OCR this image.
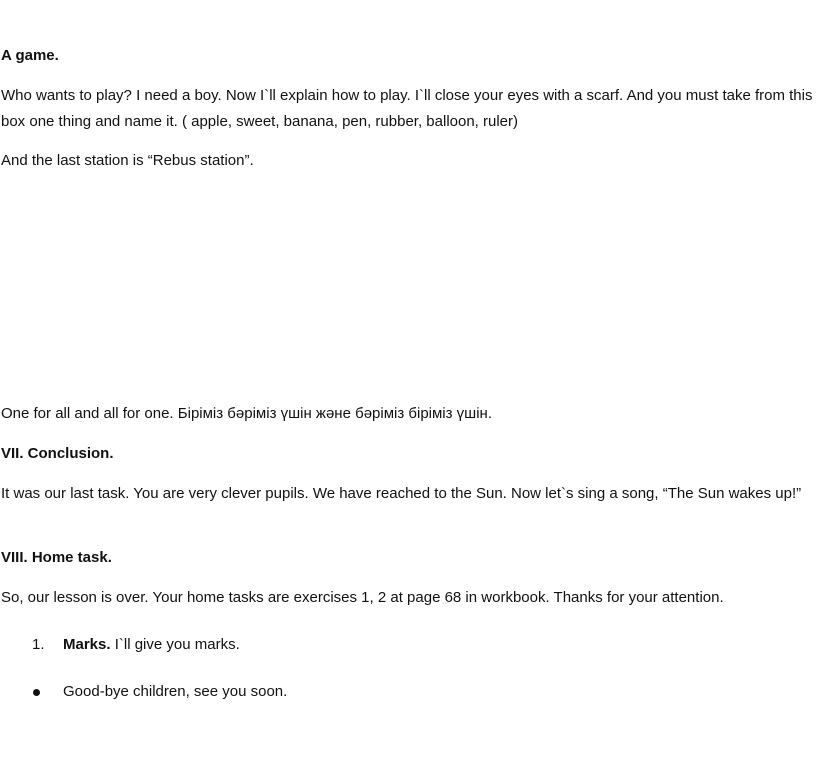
A game.

Who wants to play? I need a boy. Now I`ll explain how to play. I`ll close your eyes with a scarf. And you must take from this box one thing and name it. ( apple, sweet, banana, pen, rubber, balloon, ruler)

And the last station is “Rebus station”.

One for all and all for one. Біріміз бәріміз үшін және бәріміз біріміз үшін.

VII. Conclusion.

It was our last task. You are very clever pupils. We have reached to the Sun. Now let`s sing a song, “The Sun wakes up!”

VIII. Home task.

So, our lesson is over. Your home tasks are exercises 1, 2 at page 68 in workbook. Thanks for your attention.

1. Marks. I`ll give you marks.
Good-bye children, see you soon.
